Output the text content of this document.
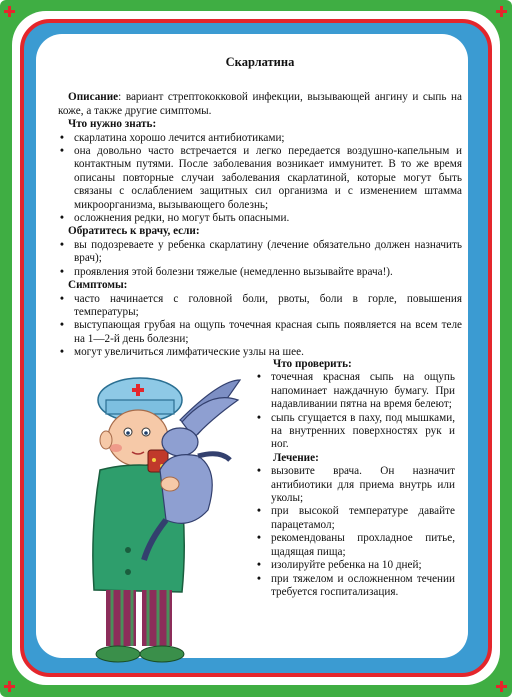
Скарлатина

Описание: вариант стрептококковой инфекции, вызывающей ангину и сыпь на коже, а также другие симптомы.

Что нужно знать:
• скарлатина хорошо лечится антибиотиками;
• она довольно часто встречается и легко передается воздушно-капельным и контактным путями. После заболевания возникает иммунитет. В то же время описаны повторные случаи заболевания скарлатиной, которые могут быть связаны с ослаблением защитных сил организма и с изменением штамма микроорганизма, вызывающего болезнь;
• осложнения редки, но могут быть опасными.
Обратитесь к врачу, если:
• вы подозреваете у ребенка скарлатину (лечение обязательно должен назначить врач);
• проявления этой болезни тяжелые (немедленно вызывайте врача!).
Симптомы:
• часто начинается с головной боли, рвоты, боли в горле, повышения температуры;
• выступающая грубая на ощупь точечная красная сыпь появляется на всем теле на 1—2-й день болезни;
• могут увеличиться лимфатические узлы на шее.
Что проверить:
• точечная красная сыпь на ощупь напоминает наждачную бумагу. При надавливании пятна на время белеют;
• сыпь сгущается в паху, под мышками, на внутренних поверхностях рук и ног.
Лечение:
• вызовите врача. Он назначит антибиотики для приема внутрь или уколы;
• при высокой температуре давайте парацетамол;
• рекомендованы прохладное питье, щадящая пища;
• изолируйте ребенка на 10 дней;
• при тяжелом и осложненном течении требуется госпитализация.
